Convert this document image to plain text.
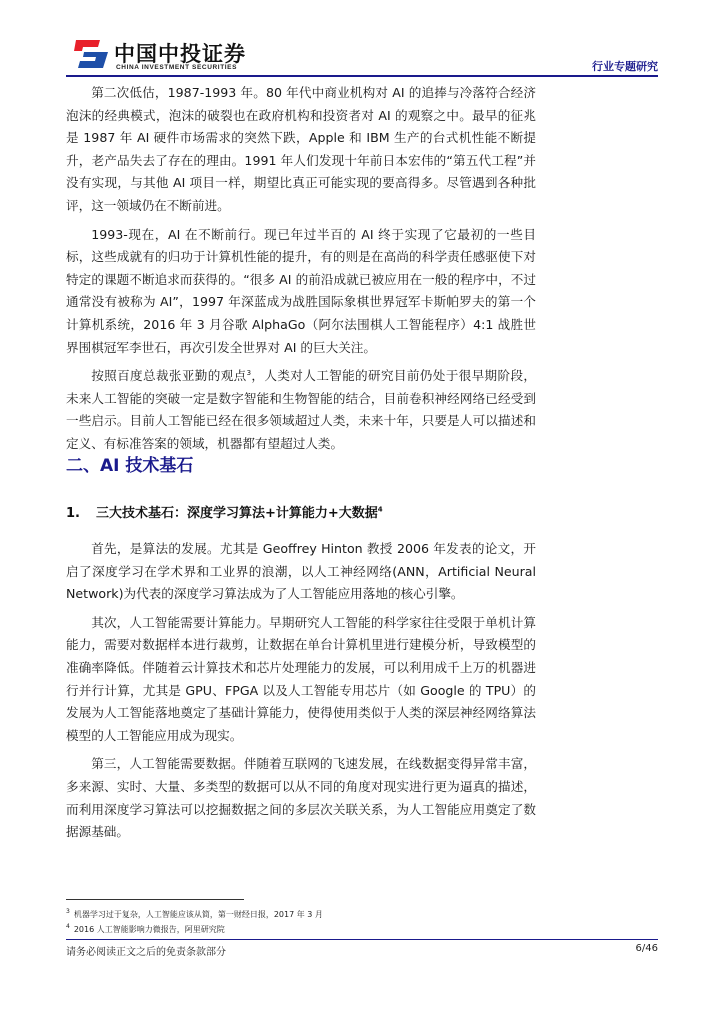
中国中投证券
CHINA INVESTMENT SECURITIES	行业专题研究

第二次低估，1987-1993 年。80 年代中商业机构对 AI 的追捧与冷落符合经济泡沫的经典模式，泡沫的破裂也在政府机构和投资者对 AI 的观察之中。最早的征兆是 1987 年 AI 硬件市场需求的突然下跌，Apple 和 IBM 生产的台式机性能不断提升，老产品失去了存在的理由。1991 年人们发现十年前日本宏伟的“第五代工程”并没有实现，与其他 AI 项目一样，期望比真正可能实现的要高得多。尽管遇到各种批评，这一领域仍在不断前进。

1993-现在，AI 在不断前行。现已年过半百的 AI 终于实现了它最初的一些目标，这些成就有的归功于计算机性能的提升，有的则是在高尚的科学责任感驱使下对特定的课题不断追求而获得的。“很多 AI 的前沿成就已被应用在一般的程序中，不过通常没有被称为 AI”，1997 年深蓝成为战胜国际象棋世界冠军卡斯帕罗夫的第一个计算机系统，2016 年 3 月谷歌 AlphaGo（阿尔法围棋人工智能程序）4:1 战胜世界围棋冠军李世石，再次引发全世界对 AI 的巨大关注。

按照百度总裁张亚勤的观点$^3$，人类对人工智能的研究目前仍处于很早期阶段，未来人工智能的突破一定是数字智能和生物智能的结合，目前卷积神经网络已经受到一些启示。目前人工智能已经在很多领域超过人类，未来十年，只要是人可以描述和定义、有标准答案的领域，机器都有望超过人类。

二、AI 技术基石
1. 三大技术基石：深度学习算法+计算能力+大数据$^4$

首先，是算法的发展。尤其是 Geoffrey Hinton 教授 2006 年发表的论文，开启了深度学习在学术界和工业界的浪潮，以人工神经网络(ANN，Artificial Neural Network)为代表的深度学习算法成为了人工智能应用落地的核心引擎。

其次，人工智能需要计算能力。早期研究人工智能的科学家往往受限于单机计算能力，需要对数据样本进行裁剪，让数据在单台计算机里进行建模分析，导致模型的准确率降低。伴随着云计算技术和芯片处理能力的发展，可以利用成千上万的机器进行并行计算，尤其是 GPU、FPGA 以及人工智能专用芯片（如 Google 的 TPU）的发展为人工智能落地奠定了基础计算能力，使得使用类似于人类的深层神经网络算法模型的人工智能应用成为现实。

第三，人工智能需要数据。伴随着互联网的飞速发展，在线数据变得异常丰富，多来源、实时、大量、多类型的数据可以从不同的角度对现实进行更为逼真的描述，而利用深度学习算法可以挖掘数据之间的多层次关联关系，为人工智能应用奠定了数据源基础。

$^3$ 机器学习过于复杂，人工智能应该从简，第一财经日报，2017 年 3 月
$^4$ 2016 人工智能影响力微报告，阿里研究院
请务必阅读正文之后的免责条款部分	6/46
